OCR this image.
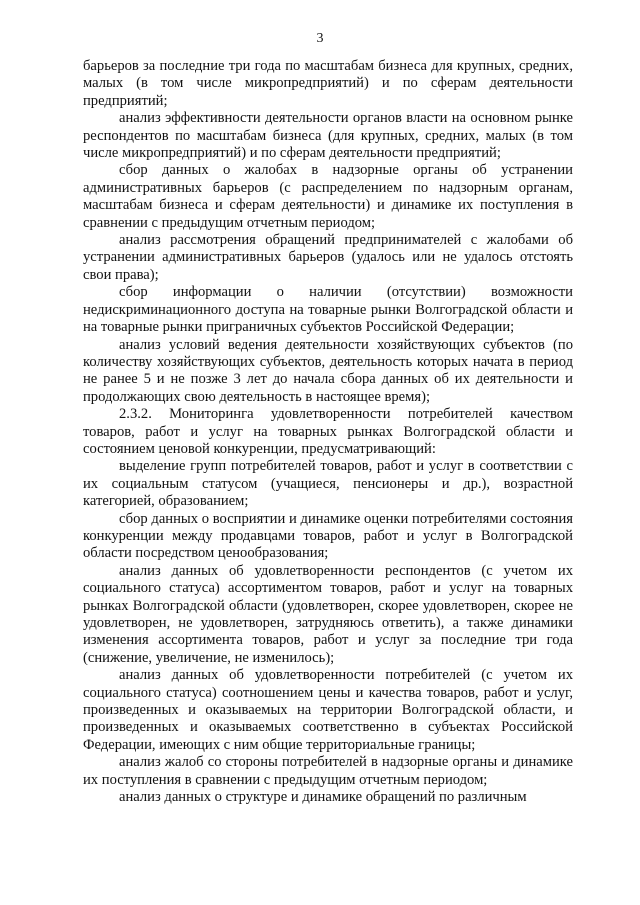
3

барьеров за последние три года по масштабам бизнеса для крупных, средних, малых (в том числе микропредприятий) и по сферам деятельности предприятий;

анализ эффективности деятельности органов власти на основном рынке респондентов по масштабам бизнеса (для крупных, средних, малых (в том числе микропредприятий) и по сферам деятельности предприятий;

сбор данных о жалобах в надзорные органы об устранении административных барьеров (с распределением по надзорным органам, масштабам бизнеса и сферам деятельности) и динамике их поступления в сравнении с предыдущим отчетным периодом;

анализ рассмотрения обращений предпринимателей с жалобами об устранении административных барьеров (удалось или не удалось отстоять свои права);

сбор информации о наличии (отсутствии) возможности недискриминационного доступа на товарные рынки Волгоградской области и на товарные рынки приграничных субъектов Российской Федерации;

анализ условий ведения деятельности хозяйствующих субъектов (по количеству хозяйствующих субъектов, деятельность которых начата в период не ранее 5 и не позже 3 лет до начала сбора данных об их деятельности и продолжающих свою деятельность в настоящее время);

2.3.2. Мониторинга удовлетворенности потребителей качеством товаров, работ и услуг на товарных рынках Волгоградской области и состоянием ценовой конкуренции, предусматривающий:

выделение групп потребителей товаров, работ и услуг в соответствии с их социальным статусом (учащиеся, пенсионеры и др.), возрастной категорией, образованием;

сбор данных о восприятии и динамике оценки потребителями состояния конкуренции между продавцами товаров, работ и услуг в Волгоградской области посредством ценообразования;

анализ данных об удовлетворенности респондентов (с учетом их социального статуса) ассортиментом товаров, работ и услуг на товарных рынках Волгоградской области (удовлетворен, скорее удовлетворен, скорее не удовлетворен, не удовлетворен, затрудняюсь ответить), а также динамики изменения ассортимента товаров, работ и услуг за последние три года (снижение, увеличение, не изменилось);

анализ данных об удовлетворенности потребителей (с учетом их социального статуса) соотношением цены и качества товаров, работ и услуг, произведенных и оказываемых на территории Волгоградской области, и произведенных и оказываемых соответственно в субъектах Российской Федерации, имеющих с ним общие территориальные границы;

анализ жалоб со стороны потребителей в надзорные органы и динамике их поступления в сравнении с предыдущим отчетным периодом;

анализ данных о структуре и динамике обращений по различным
